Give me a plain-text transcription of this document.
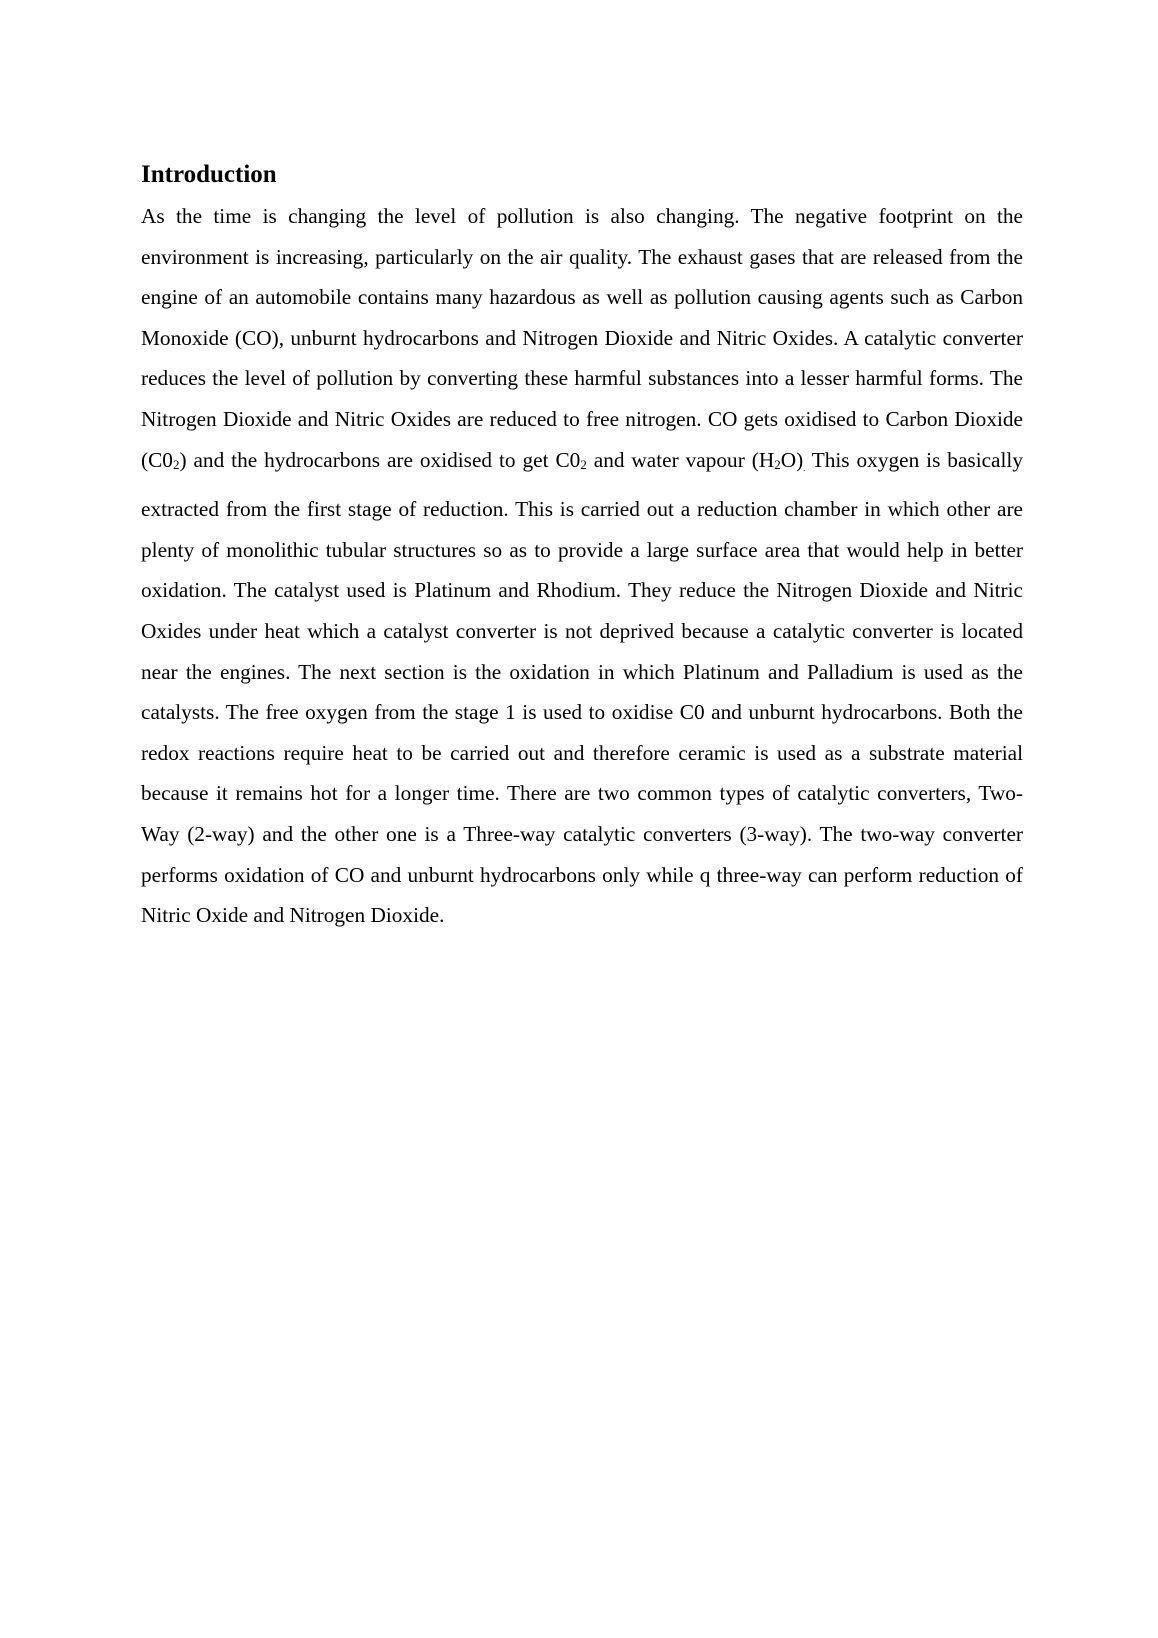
Introduction

As the time is changing the level of pollution is also changing. The negative footprint on the environment is increasing, particularly on the air quality. The exhaust gases that are released from the engine of an automobile contains many hazardous as well as pollution causing agents such as Carbon Monoxide (CO), unburnt hydrocarbons and Nitrogen Dioxide and Nitric Oxides. A catalytic converter reduces the level of pollution by converting these harmful substances into a lesser harmful forms. The Nitrogen Dioxide and Nitric Oxides are reduced to free nitrogen. CO gets oxidised to Carbon Dioxide $(C0_2)$ and the hydrocarbons are oxidised to get $C0_2$ and water vapour $(H_2O)$. This oxygen is basically extracted from the first stage of reduction. This is carried out a reduction chamber in which other are plenty of monolithic tubular structures so as to provide a large surface area that would help in better oxidation. The catalyst used is Platinum and Rhodium. They reduce the Nitrogen Dioxide and Nitric Oxides under heat which a catalyst converter is not deprived because a catalytic converter is located near the engines. The next section is the oxidation in which Platinum and Palladium is used as the catalysts. The free oxygen from the stage 1 is used to oxidise C0 and unburnt hydrocarbons. Both the redox reactions require heat to be carried out and therefore ceramic is used as a substrate material because it remains hot for a longer time. There are two common types of catalytic converters, Two-Way (2-way) and the other one is a Three-way catalytic converters (3-way). The two-way converter performs oxidation of CO and unburnt hydrocarbons only while q three-way can perform reduction of Nitric Oxide and Nitrogen Dioxide.
